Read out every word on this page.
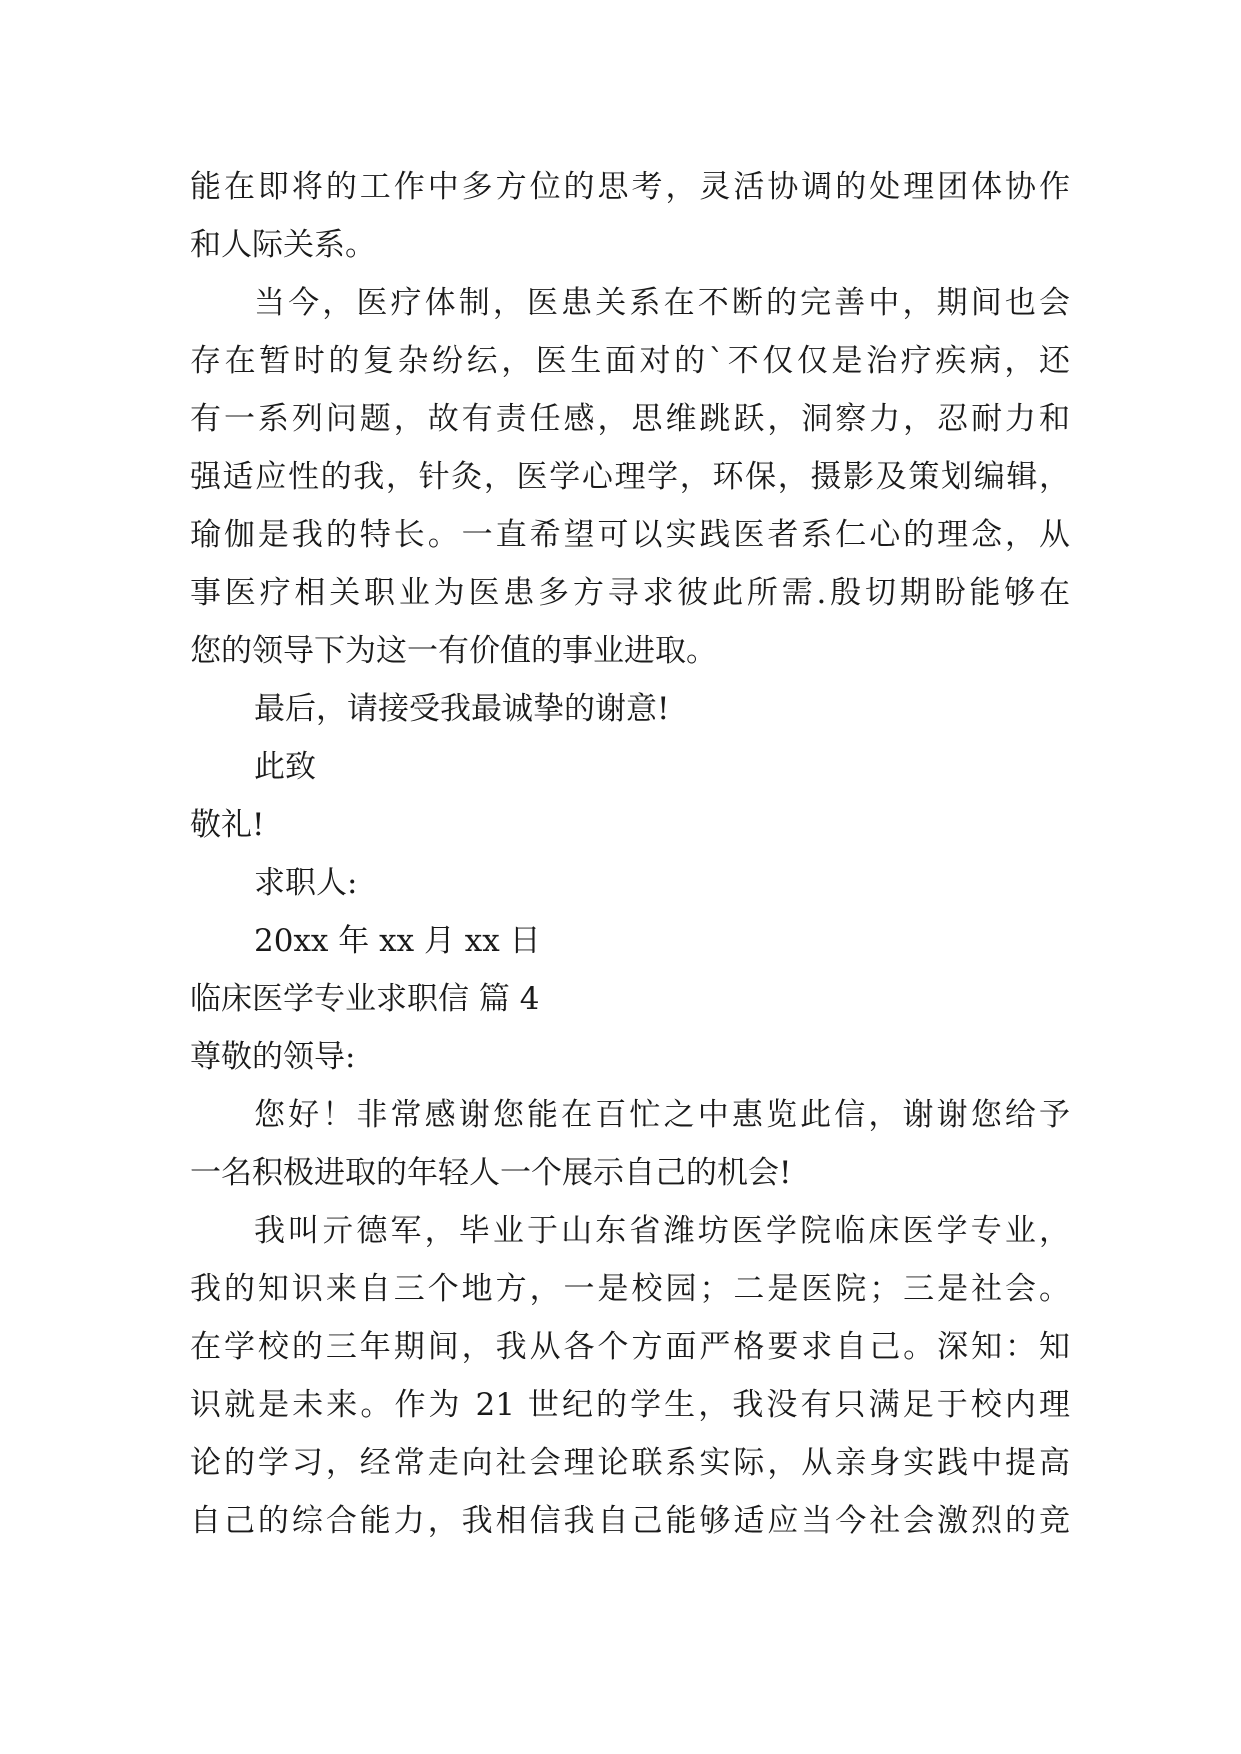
能在即将的工作中多方位的思考，灵活协调的处理团体协作
和人际关系。
当今，医疗体制，医患关系在不断的完善中，期间也会
存在暂时的复杂纷纭，医生面对的`不仅仅是治疗疾病，还
有一系列问题，故有责任感，思维跳跃，洞察力，忍耐力和
强适应性的我，针灸，医学心理学，环保，摄影及策划编辑，
瑜伽是我的特长。一直希望可以实践医者系仁心的理念，从
事医疗相关职业为医患多方寻求彼此所需.殷切期盼能够在
您的领导下为这一有价值的事业进取。
最后，请接受我最诚挚的谢意!
此致
敬礼!
求职人:
20xx 年 xx 月 xx 日
临床医学专业求职信 篇 4
尊敬的领导:
您好！非常感谢您能在百忙之中惠览此信，谢谢您给予
一名积极进取的年轻人一个展示自己的机会!
我叫亓德军，毕业于山东省潍坊医学院临床医学专业，
我的知识来自三个地方，一是校园；二是医院；三是社会。
在学校的三年期间，我从各个方面严格要求自己。深知：知
识就是未来。作为 21 世纪的学生，我没有只满足于校内理
论的学习，经常走向社会理论联系实际，从亲身实践中提高
自己的综合能力，我相信我自己能够适应当今社会激烈的竞
